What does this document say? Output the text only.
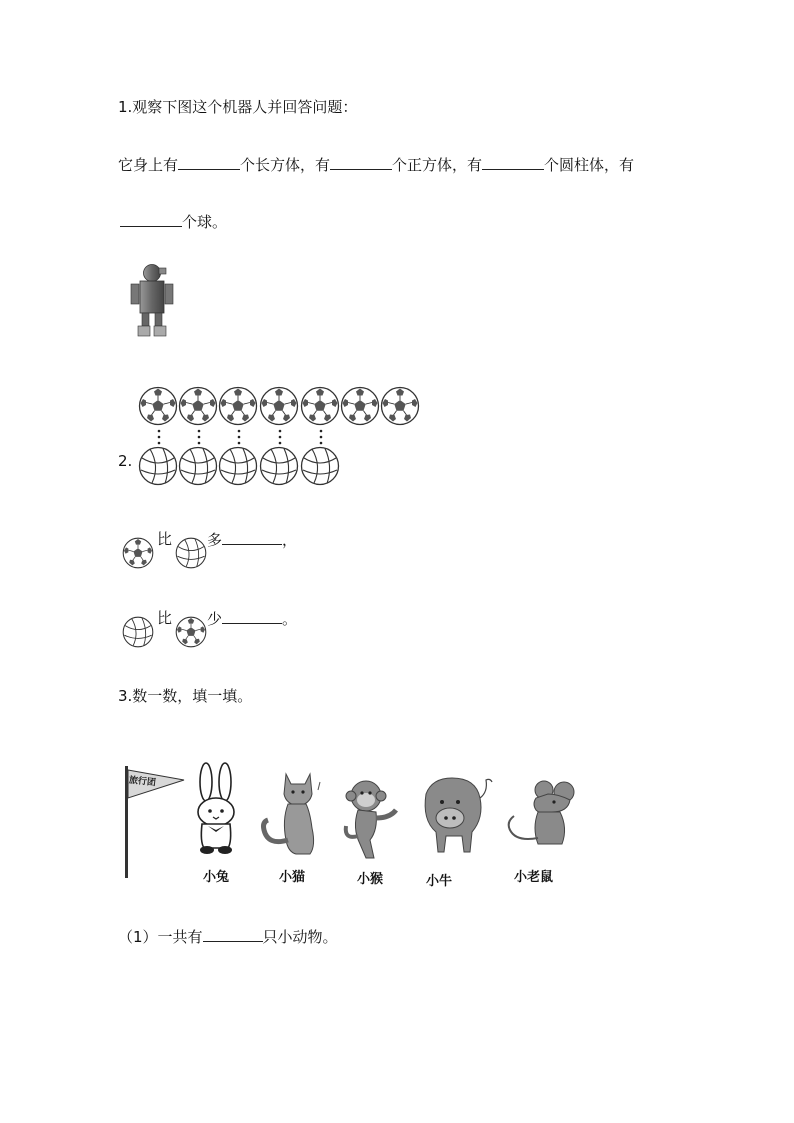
1.观察下图这个机器人并回答问题：
它身上有	个长方体，有	个正方体，有	个圆柱体，有
个球。
2.
比 多	，
比 少	。
3.数一数，填一填。
旅行团
小兔	小猫	小猴	小牛	小老鼠
（1）一共有	只小动物。
